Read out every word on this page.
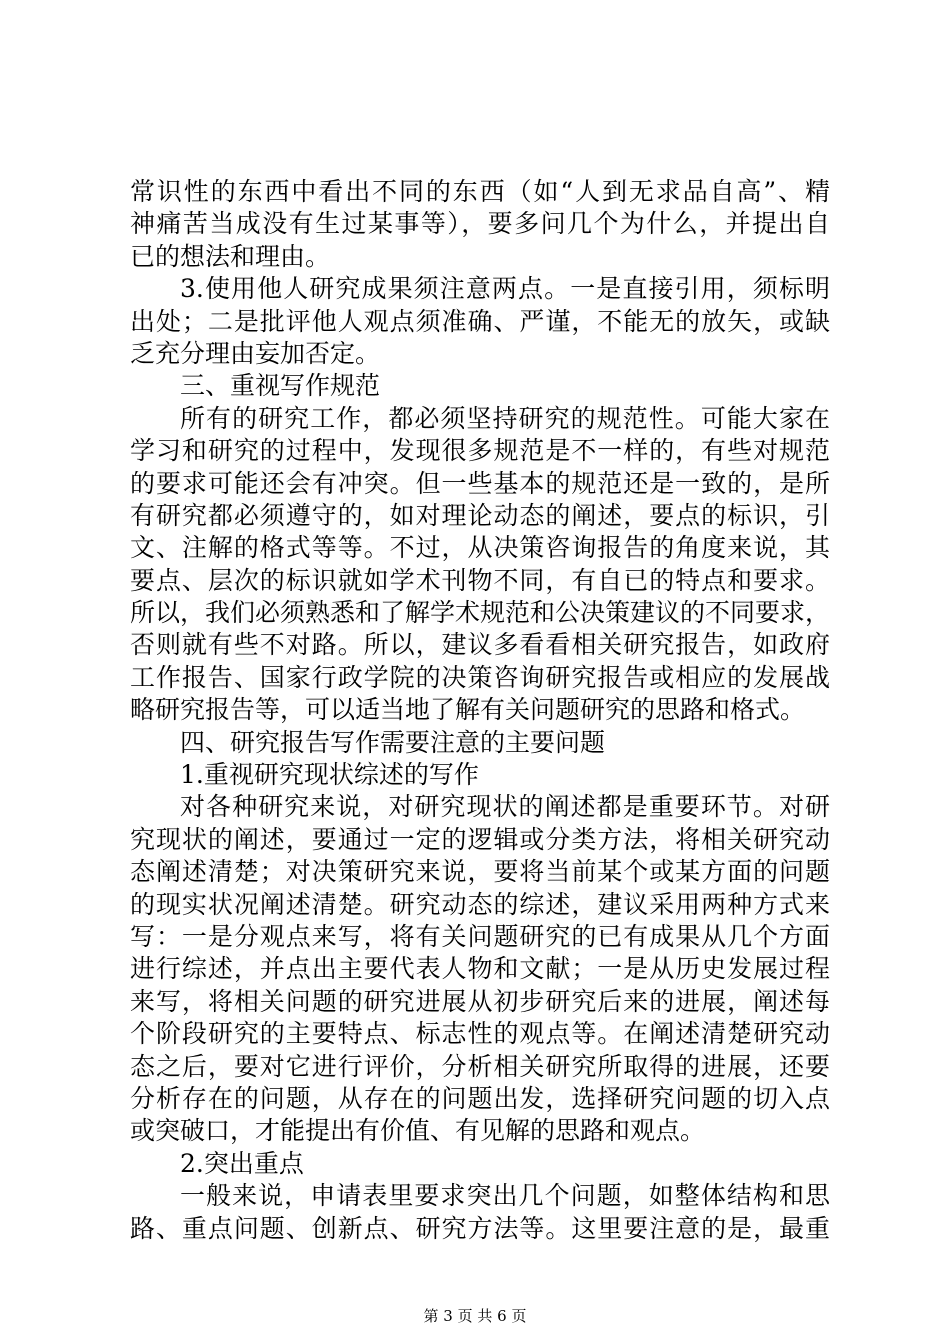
常识性的东西中看出不同的东西（如“人到无求品自高”、精
神痛苦当成没有生过某事等），要多问几个为什么，并提出自
已的想法和理由。
3.使用他人研究成果须注意两点。一是直接引用，须标明
出处；二是批评他人观点须准确、严谨，不能无的放矢，或缺
乏充分理由妄加否定。
三、重视写作规范
所有的研究工作，都必须坚持研究的规范性。可能大家在
学习和研究的过程中，发现很多规范是不一样的，有些对规范
的要求可能还会有冲突。但一些基本的规范还是一致的，是所
有研究都必须遵守的，如对理论动态的阐述，要点的标识，引
文、注解的格式等等。不过，从决策咨询报告的角度来说，其
要点、层次的标识就如学术刊物不同，有自已的特点和要求。
所以，我们必须熟悉和了解学术规范和公决策建议的不同要求，
否则就有些不对路。所以，建议多看看相关研究报告，如政府
工作报告、国家行政学院的决策咨询研究报告或相应的发展战
略研究报告等，可以适当地了解有关问题研究的思路和格式。
四、研究报告写作需要注意的主要问题
1.重视研究现状综述的写作
对各种研究来说，对研究现状的阐述都是重要环节。对研
究现状的阐述，要通过一定的逻辑或分类方法，将相关研究动
态阐述清楚；对决策研究来说，要将当前某个或某方面的问题
的现实状况阐述清楚。研究动态的综述，建议采用两种方式来
写：一是分观点来写，将有关问题研究的已有成果从几个方面
进行综述，并点出主要代表人物和文献；一是从历史发展过程
来写，将相关问题的研究进展从初步研究后来的进展，阐述每
个阶段研究的主要特点、标志性的观点等。在阐述清楚研究动
态之后，要对它进行评价，分析相关研究所取得的进展，还要
分析存在的问题，从存在的问题出发，选择研究问题的切入点
或突破口，才能提出有价值、有见解的思路和观点。
2.突出重点
一般来说，申请表里要求突出几个问题，如整体结构和思
路、重点问题、创新点、研究方法等。这里要注意的是，最重
第 3 页 共 6 页
